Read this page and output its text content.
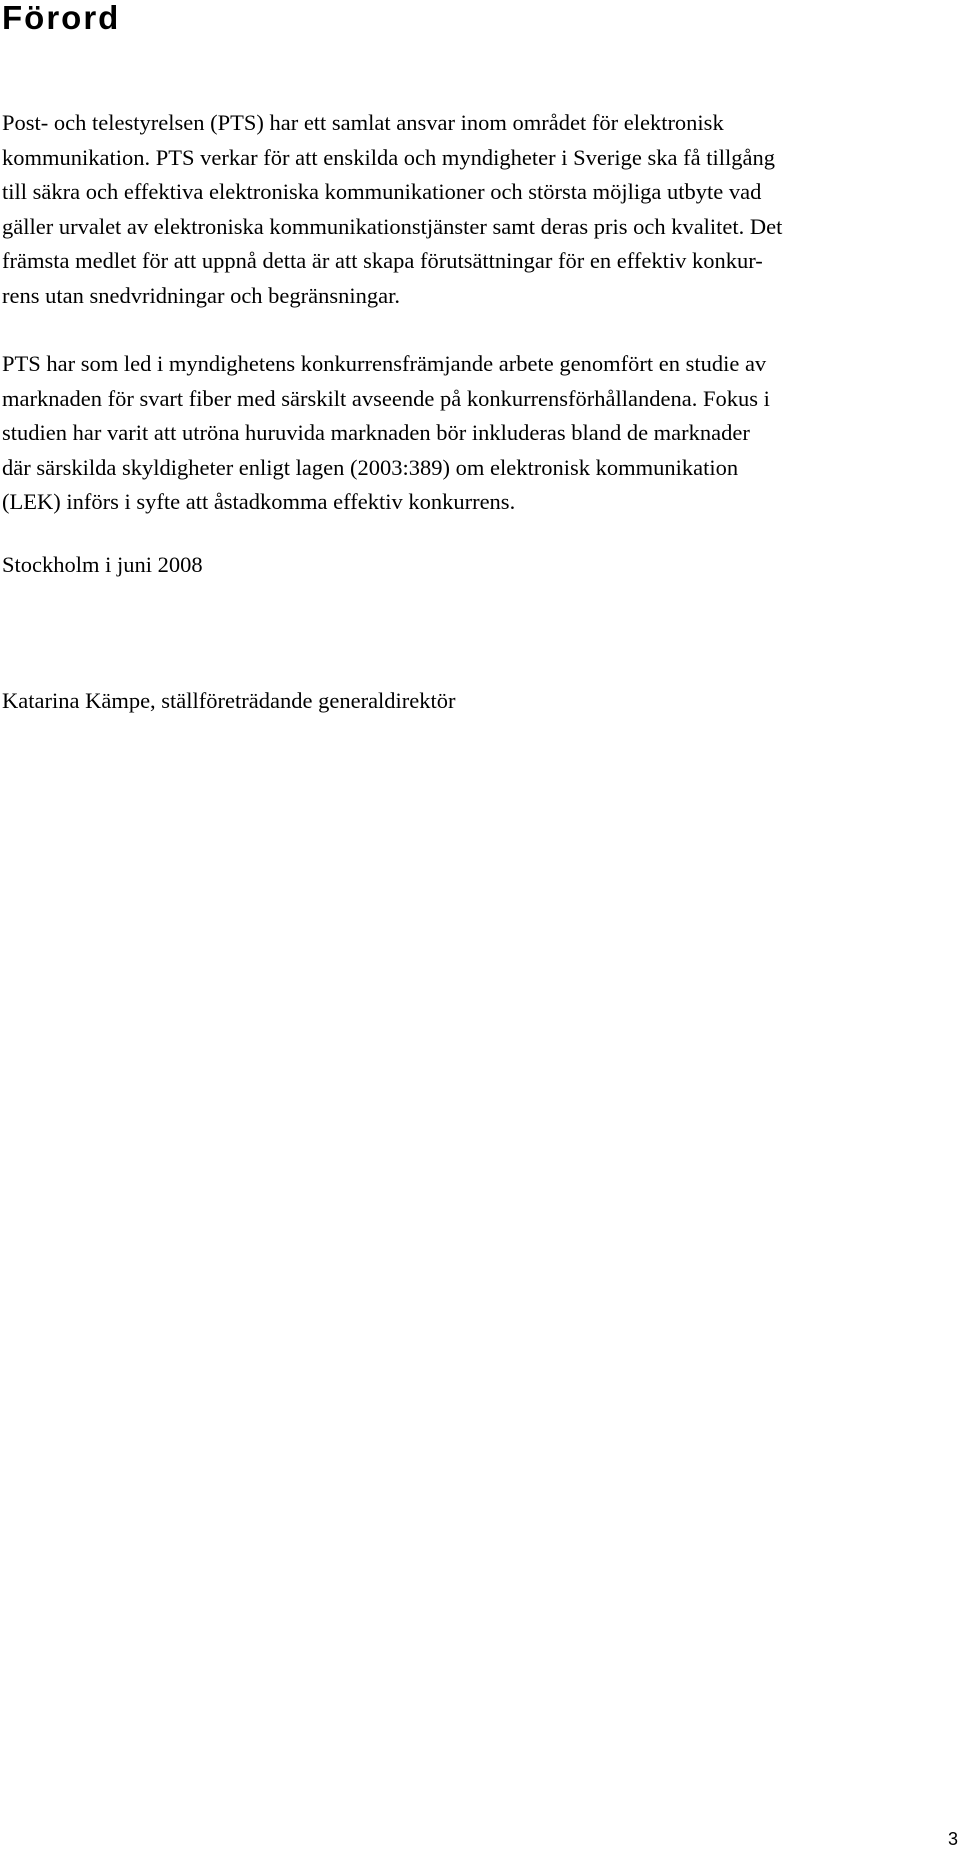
Förord

Post- och telestyrelsen (PTS) har ett samlat ansvar inom området för elektronisk
kommunikation. PTS verkar för att enskilda och myndigheter i Sverige ska få tillgång
till säkra och effektiva elektroniska kommunikationer och största möjliga utbyte vad
gäller urvalet av elektroniska kommunikationstjänster samt deras pris och kvalitet. Det
främsta medlet för att uppnå detta är att skapa förutsättningar för en effektiv konkur-
rens utan snedvridningar och begränsningar.

PTS har som led i myndighetens konkurrensfrämjande arbete genomfört en studie av
marknaden för svart fiber med särskilt avseende på konkurrensförhållandena. Fokus i
studien har varit att utröna huruvida marknaden bör inkluderas bland de marknader
där särskilda skyldigheter enligt lagen (2003:389) om elektronisk kommunikation
(LEK) införs i syfte att åstadkomma effektiv konkurrens.

Stockholm i juni 2008

Katarina Kämpe, ställföreträdande generaldirektör

3
